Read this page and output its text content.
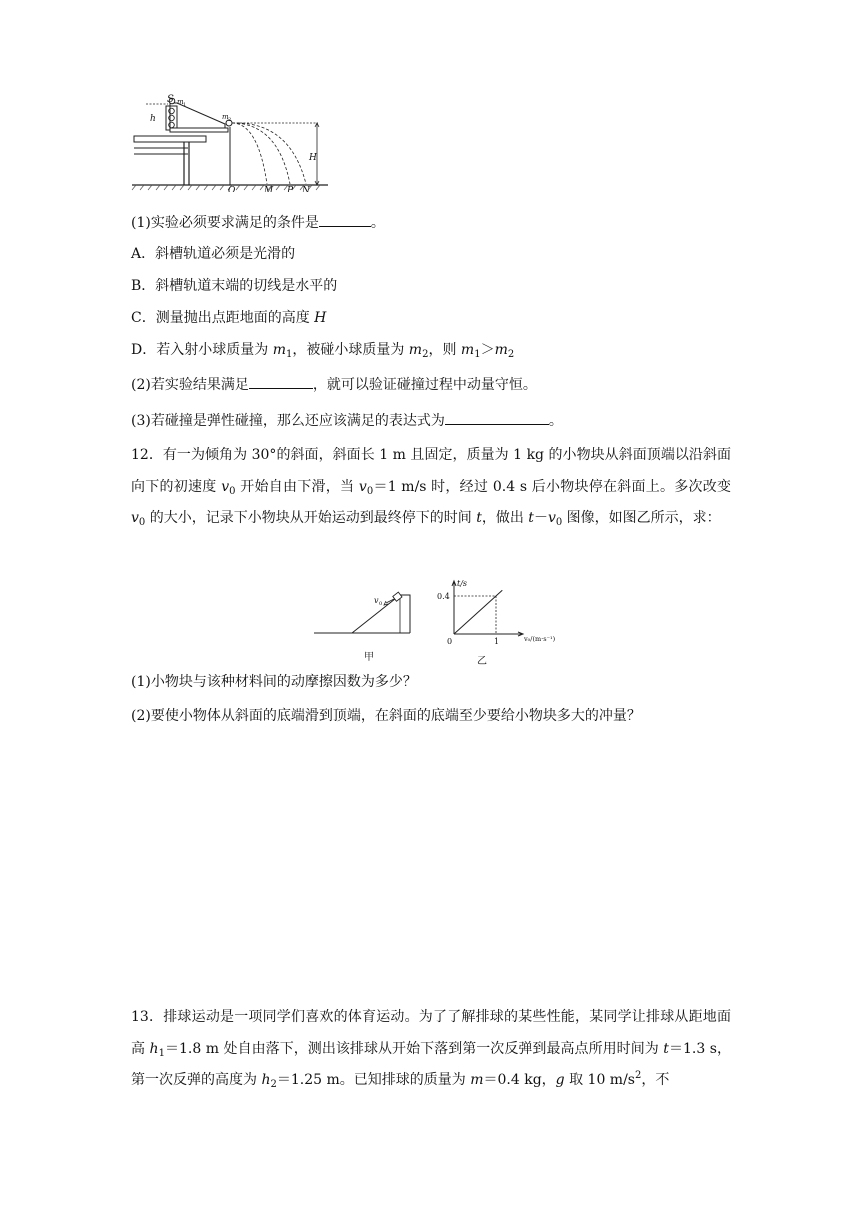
S m 1
h	m 2
H
O	M P N
(1)实验必须要求满足的条件是	。
A．斜槽轨道必须是光滑的
B．斜槽轨道末端的切线是水平的
C．测量抛出点距地面的高度 H
D．若入射小球质量为 $m_1$，被碰小球质量为 $m_2$，则 $m_1>m_2$
(2)若实验结果满足	，就可以验证碰撞过程中动量守恒。
(3)若碰撞是弹性碰撞，那么还应该满足的表达式为	。
12．有一为倾角为 30°的斜面，斜面长 1 m 且固定，质量为 1 kg 的小物块从斜面顶端以沿斜面向下的初速度 $v_0$ 开始自由下滑，当 $v_0=1$ m/s 时，经过 0.4 s 后小物块停在斜面上。多次改变 $v_0$ 的大小，记录下小物块从开始运动到最终停下的时间 t，做出 $t-v_0$ 图像，如图乙所示，求：
v 0
甲
t/s
v₀/(m·s⁻¹)
0.4
1
0
乙
(1)小物块与该种材料间的动摩擦因数为多少？
(2)要使小物体从斜面的底端滑到顶端，在斜面的底端至少要给小物块多大的冲量？
13．排球运动是一项同学们喜欢的体育运动。为了了解排球的某些性能，某同学让排球从距地面高 $h_1=1.8$ m 处自由落下，测出该排球从开始下落到第一次反弹到最高点所用时间为 t＝1.3 s，第一次反弹的高度为 $h_2=1.25$ m。已知排球的质量为 m＝0.4 kg，g 取 10 $m/s^2$，不
